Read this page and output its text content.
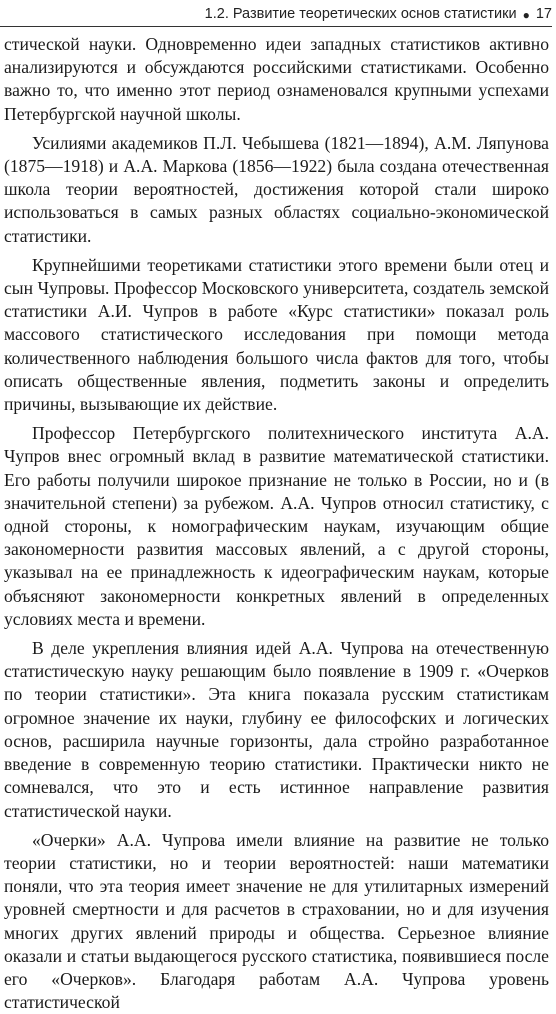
1.2. Развитие теоретических основ статистики ● 17

стической науки. Одновременно идеи западных статистиков активно анализируются и обсуждаются российскими статистиками. Особенно важно то, что именно этот период ознаменовался крупными успехами Петербургской научной школы.

Усилиями академиков П.Л. Чебышева (1821—1894), А.М. Ляпунова (1875—1918) и А.А. Маркова (1856—1922) была создана отечественная школа теории вероятностей, достижения которой стали широко использоваться в самых разных областях социально-экономической статистики.

Крупнейшими теоретиками статистики этого времени были отец и сын Чупровы. Профессор Московского университета, создатель земской статистики А.И. Чупров в работе «Курс статистики» показал роль массового статистического исследования при помощи метода количественного наблюдения большого числа фактов для того, чтобы описать общественные явления, подметить законы и определить причины, вызывающие их действие.

Профессор Петербургского политехнического института А.А. Чупров внес огромный вклад в развитие математической статистики. Его работы получили широкое признание не только в России, но и (в значительной степени) за рубежом. А.А. Чупров относил статистику, с одной стороны, к номографическим наукам, изучающим общие закономерности развития массовых явлений, а с другой стороны, указывал на ее принадлежность к идеографическим наукам, которые объясняют закономерности конкретных явлений в определенных условиях места и времени.

В деле укрепления влияния идей А.А. Чупрова на отечественную статистическую науку решающим было появление в 1909 г. «Очерков по теории статистики». Эта книга показала русским статистикам огромное значение их науки, глубину ее философских и логических основ, расширила научные горизонты, дала стройно разработанное введение в современную теорию статистики. Практически никто не сомневался, что это и есть истинное направление развития статистической науки.

«Очерки» А.А. Чупрова имели влияние на развитие не только теории статистики, но и теории вероятностей: наши математики поняли, что эта теория имеет значение не для утилитарных измерений уровней смертности и для расчетов в страховании, но и для изучения многих других явлений природы и общества. Серьезное влияние оказали и статьи выдающегося русского статистика, появившиеся после его «Очерков». Благодаря работам А.А. Чупрова уровень статистической
